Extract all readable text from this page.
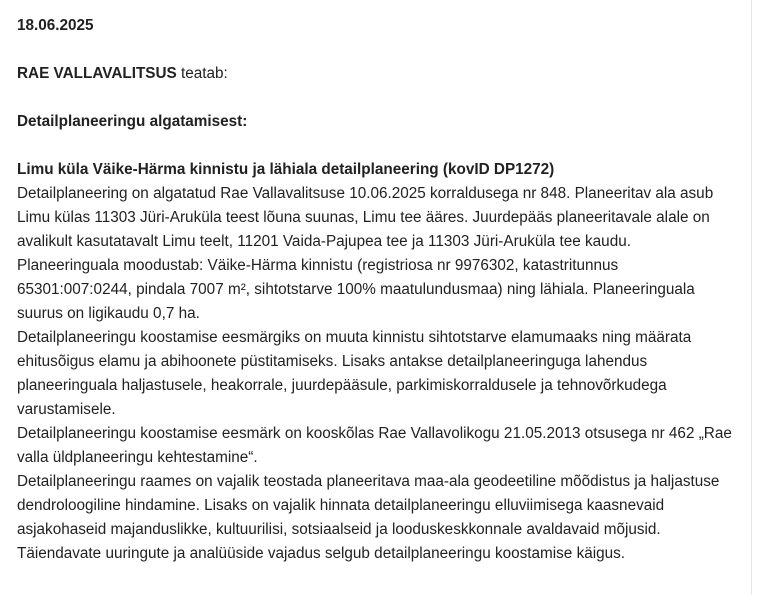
18.06.2025

RAE VALLAVALITSUS teatab:

Detailplaneeringu algatamisest:

Limu küla Väike-Härma kinnistu ja lähiala detailplaneering (kovID DP1272)

Detailplaneering on algatatud Rae Vallavalitsuse 10.06.2025 korraldusega nr 848. Planeeritav ala asub Limu külas 11303 Jüri-Aruküla teest lõuna suunas, Limu tee ääres. Juurdepääs planeeritavale alale on avalikult kasutatavalt Limu teelt, 11201 Vaida-Pajupea tee ja 11303 Jüri-Aruküla tee kaudu. Planeeringuala moodustab: Väike-Härma kinnistu (registriosa nr 9976302, katastritunnus 65301:007:0244, pindala 7007 m², sihtotstarve 100% maatulundusmaa) ning lähiala. Planeeringuala suurus on ligikaudu 0,7 ha.

Detailplaneeringu koostamise eesmärgiks on muuta kinnistu sihtotstarve elamumaaks ning määrata ehitusõigus elamu ja abihoonete püstitamiseks. Lisaks antakse detailplaneeringuga lahendus planeeringuala haljastusele, heakorrale, juurdepääsule, parkimiskorraldusele ja tehnovõrkudega varustamisele.

Detailplaneeringu koostamise eesmärk on kooskõlas Rae Vallavolikogu 21.05.2013 otsusega nr 462 „Rae valla üldplaneeringu kehtestamine“.

Detailplaneeringu raames on vajalik teostada planeeritava maa-ala geodeetiline mõõdistus ja haljastuse dendroloogiline hindamine. Lisaks on vajalik hinnata detailplaneeringu elluviimisega kaasnevaid asjakohaseid majanduslikke, kultuurilisi, sotsiaalseid ja looduskeskkonnale avaldavaid mõjusid. Täiendavate uuringute ja analüüside vajadus selgub detailplaneeringu koostamise käigus.
